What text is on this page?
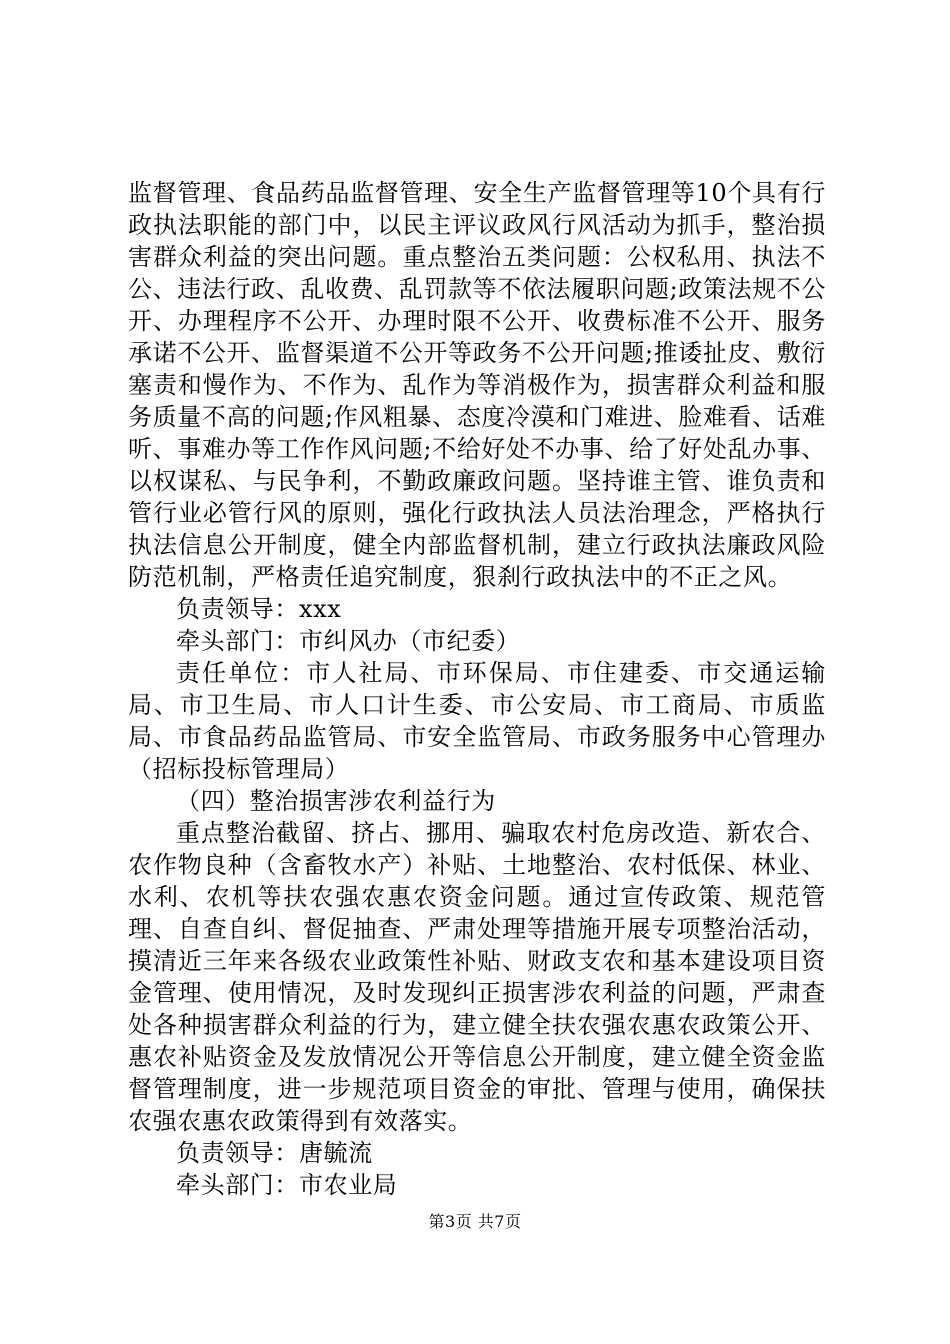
监督管理、食品药品监督管理、安全生产监督管理等10个具有行政执法职能的部门中，以民主评议政风行风活动为抓手，整治损害群众利益的突出问题。重点整治五类问题：公权私用、执法不公、违法行政、乱收费、乱罚款等不依法履职问题;政策法规不公开、办理程序不公开、办理时限不公开、收费标准不公开、服务承诺不公开、监督渠道不公开等政务不公开问题;推诿扯皮、敷衍塞责和慢作为、不作为、乱作为等消极作为，损害群众利益和服务质量不高的问题;作风粗暴、态度冷漠和门难进、脸难看、话难听、事难办等工作作风问题;不给好处不办事、给了好处乱办事、以权谋私、与民争利，不勤政廉政问题。坚持谁主管、谁负责和管行业必管行风的原则，强化行政执法人员法治理念，严格执行执法信息公开制度，健全内部监督机制，建立行政执法廉政风险防范机制，严格责任追究制度，狠刹行政执法中的不正之风。

负责领导：xxx

牵头部门：市纠风办（市纪委）

责任单位：市人社局、市环保局、市住建委、市交通运输局、市卫生局、市人口计生委、市公安局、市工商局、市质监局、市食品药品监管局、市安全监管局、市政务服务中心管理办（招标投标管理局）

（四）整治损害涉农利益行为

重点整治截留、挤占、挪用、骗取农村危房改造、新农合、农作物良种（含畜牧水产）补贴、土地整治、农村低保、林业、水利、农机等扶农强农惠农资金问题。通过宣传政策、规范管理、自查自纠、督促抽查、严肃处理等措施开展专项整治活动，摸清近三年来各级农业政策性补贴、财政支农和基本建设项目资金管理、使用情况，及时发现纠正损害涉农利益的问题，严肃查处各种损害群众利益的行为，建立健全扶农强农惠农政策公开、惠农补贴资金及发放情况公开等信息公开制度，建立健全资金监督管理制度，进一步规范项目资金的审批、管理与使用，确保扶农强农惠农政策得到有效落实。

负责领导：唐毓流

牵头部门：市农业局

第3页 共7页
